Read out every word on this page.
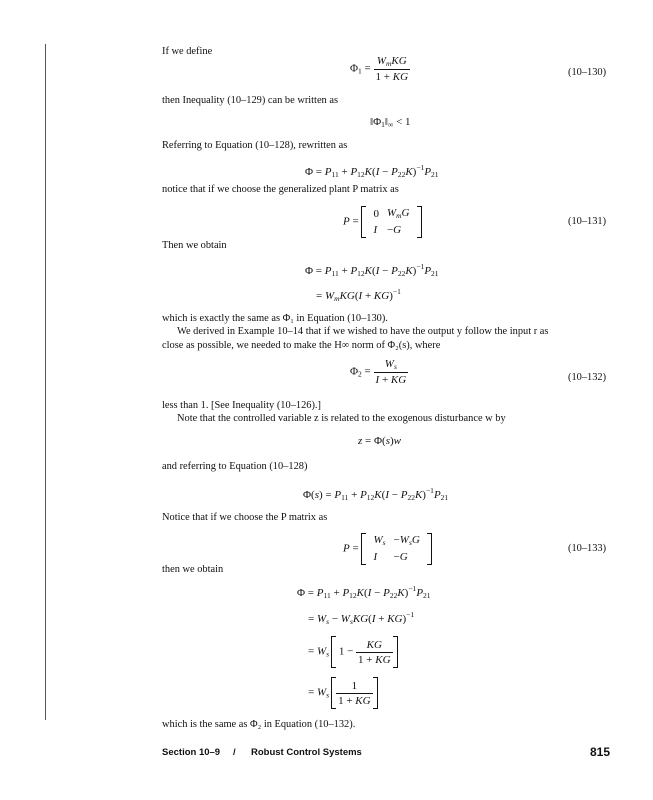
If we define
$\Phi_1 = \frac{W_mKG}{1 + KG}$	(10–130)
then Inequality (10–129) can be written as
$‖\Phi_1‖_\infty < 1$
Referring to Equation (10–128), rewritten as
$\Phi = P_{11} + P_{12}K(I - P_{22}K)^{-1}P_{21}$
notice that if we choose the generalized plant P matrix as
P =
0	$W_mG$
I	−G
(10–131)
Then we obtain
$\Phi = P_{11} + P_{12}K(I - P_{22}K)^{-1}P_{21}$
= $W_mKG(I + KG)^{-1}$
which is exactly the same as Φ₁ in Equation (10–130).
We derived in Example 10–14 that if we wished to have the output y follow the input r as
close as possible, we needed to make the H∞ norm of Φ₂(s), where
$\Phi_2 = \frac{W_s}{I + KG}$	(10–132)
less than 1. [See Inequality (10–126).]
Note that the controlled variable z is related to the exogenous disturbance w by
z = Φ(s)w
and referring to Equation (10–128)
$\Phi(s) = P_{11} + P_{12}K(I - P_{22}K)^{-1}P_{21}$
Notice that if we choose the P matrix as
P =
$W_s$	$-W_sG$
I	−G
(10–133)
then we obtain
$\Phi = P_{11} + P_{12}K(I - P_{22}K)^{-1}P_{21}$
= $W_s - W_sKG(I + KG)^{-1}$
= $W_s$ $1 - \frac{KG}{1 + KG}$
= $W_s \frac{1}{1 + KG}$
which is the same as Φ₂ in Equation (10–132).
Section 10–9 / Robust Control Systems	815
